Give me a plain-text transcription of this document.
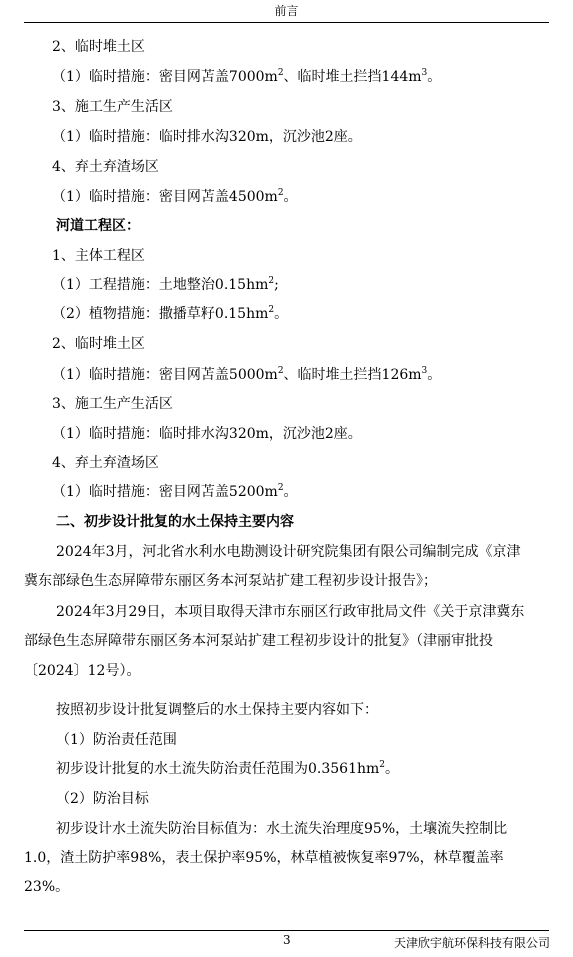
前言
2、临时堆土区
（1）临时措施：密目网苫盖$7000m^2$、临时堆土拦挡$144m^3$。
3、施工生产生活区
（1）临时措施：临时排水沟320m，沉沙池2座。
4、弃土弃渣场区
（1）临时措施：密目网苫盖$4500m^2$。
河道工程区：
1、主体工程区
（1）工程措施：土地整治$0.15hm^2$;
（2）植物措施：撒播草籽$0.15hm^2$。
2、临时堆土区
（1）临时措施：密目网苫盖$5000m^2$、临时堆土拦挡$126m^3$。
3、施工生产生活区
（1）临时措施：临时排水沟320m，沉沙池2座。
4、弃土弃渣场区
（1）临时措施：密目网苫盖$5200m^2$。
二、初步设计批复的水土保持主要内容
2024年3月，河北省水利水电勘测设计研究院集团有限公司编制完成《京津
冀东部绿色生态屏障带东丽区务本河泵站扩建工程初步设计报告》；
2024年3月29日，本项目取得天津市东丽区行政审批局文件《关于京津冀东
部绿色生态屏障带东丽区务本河泵站扩建工程初步设计的批复》（津丽审批投
〔2024〕12号）。
按照初步设计批复调整后的水土保持主要内容如下：
（1）防治责任范围
初步设计批复的水土流失防治责任范围为$0.3561hm^2$。
（2）防治目标
初步设计水土流失防治目标值为：水土流失治理度95%，土壤流失控制比
1.0，渣土防护率98%，表土保护率95%，林草植被恢复率97%，林草覆盖率
23%。
3	天津欣宇航环保科技有限公司
